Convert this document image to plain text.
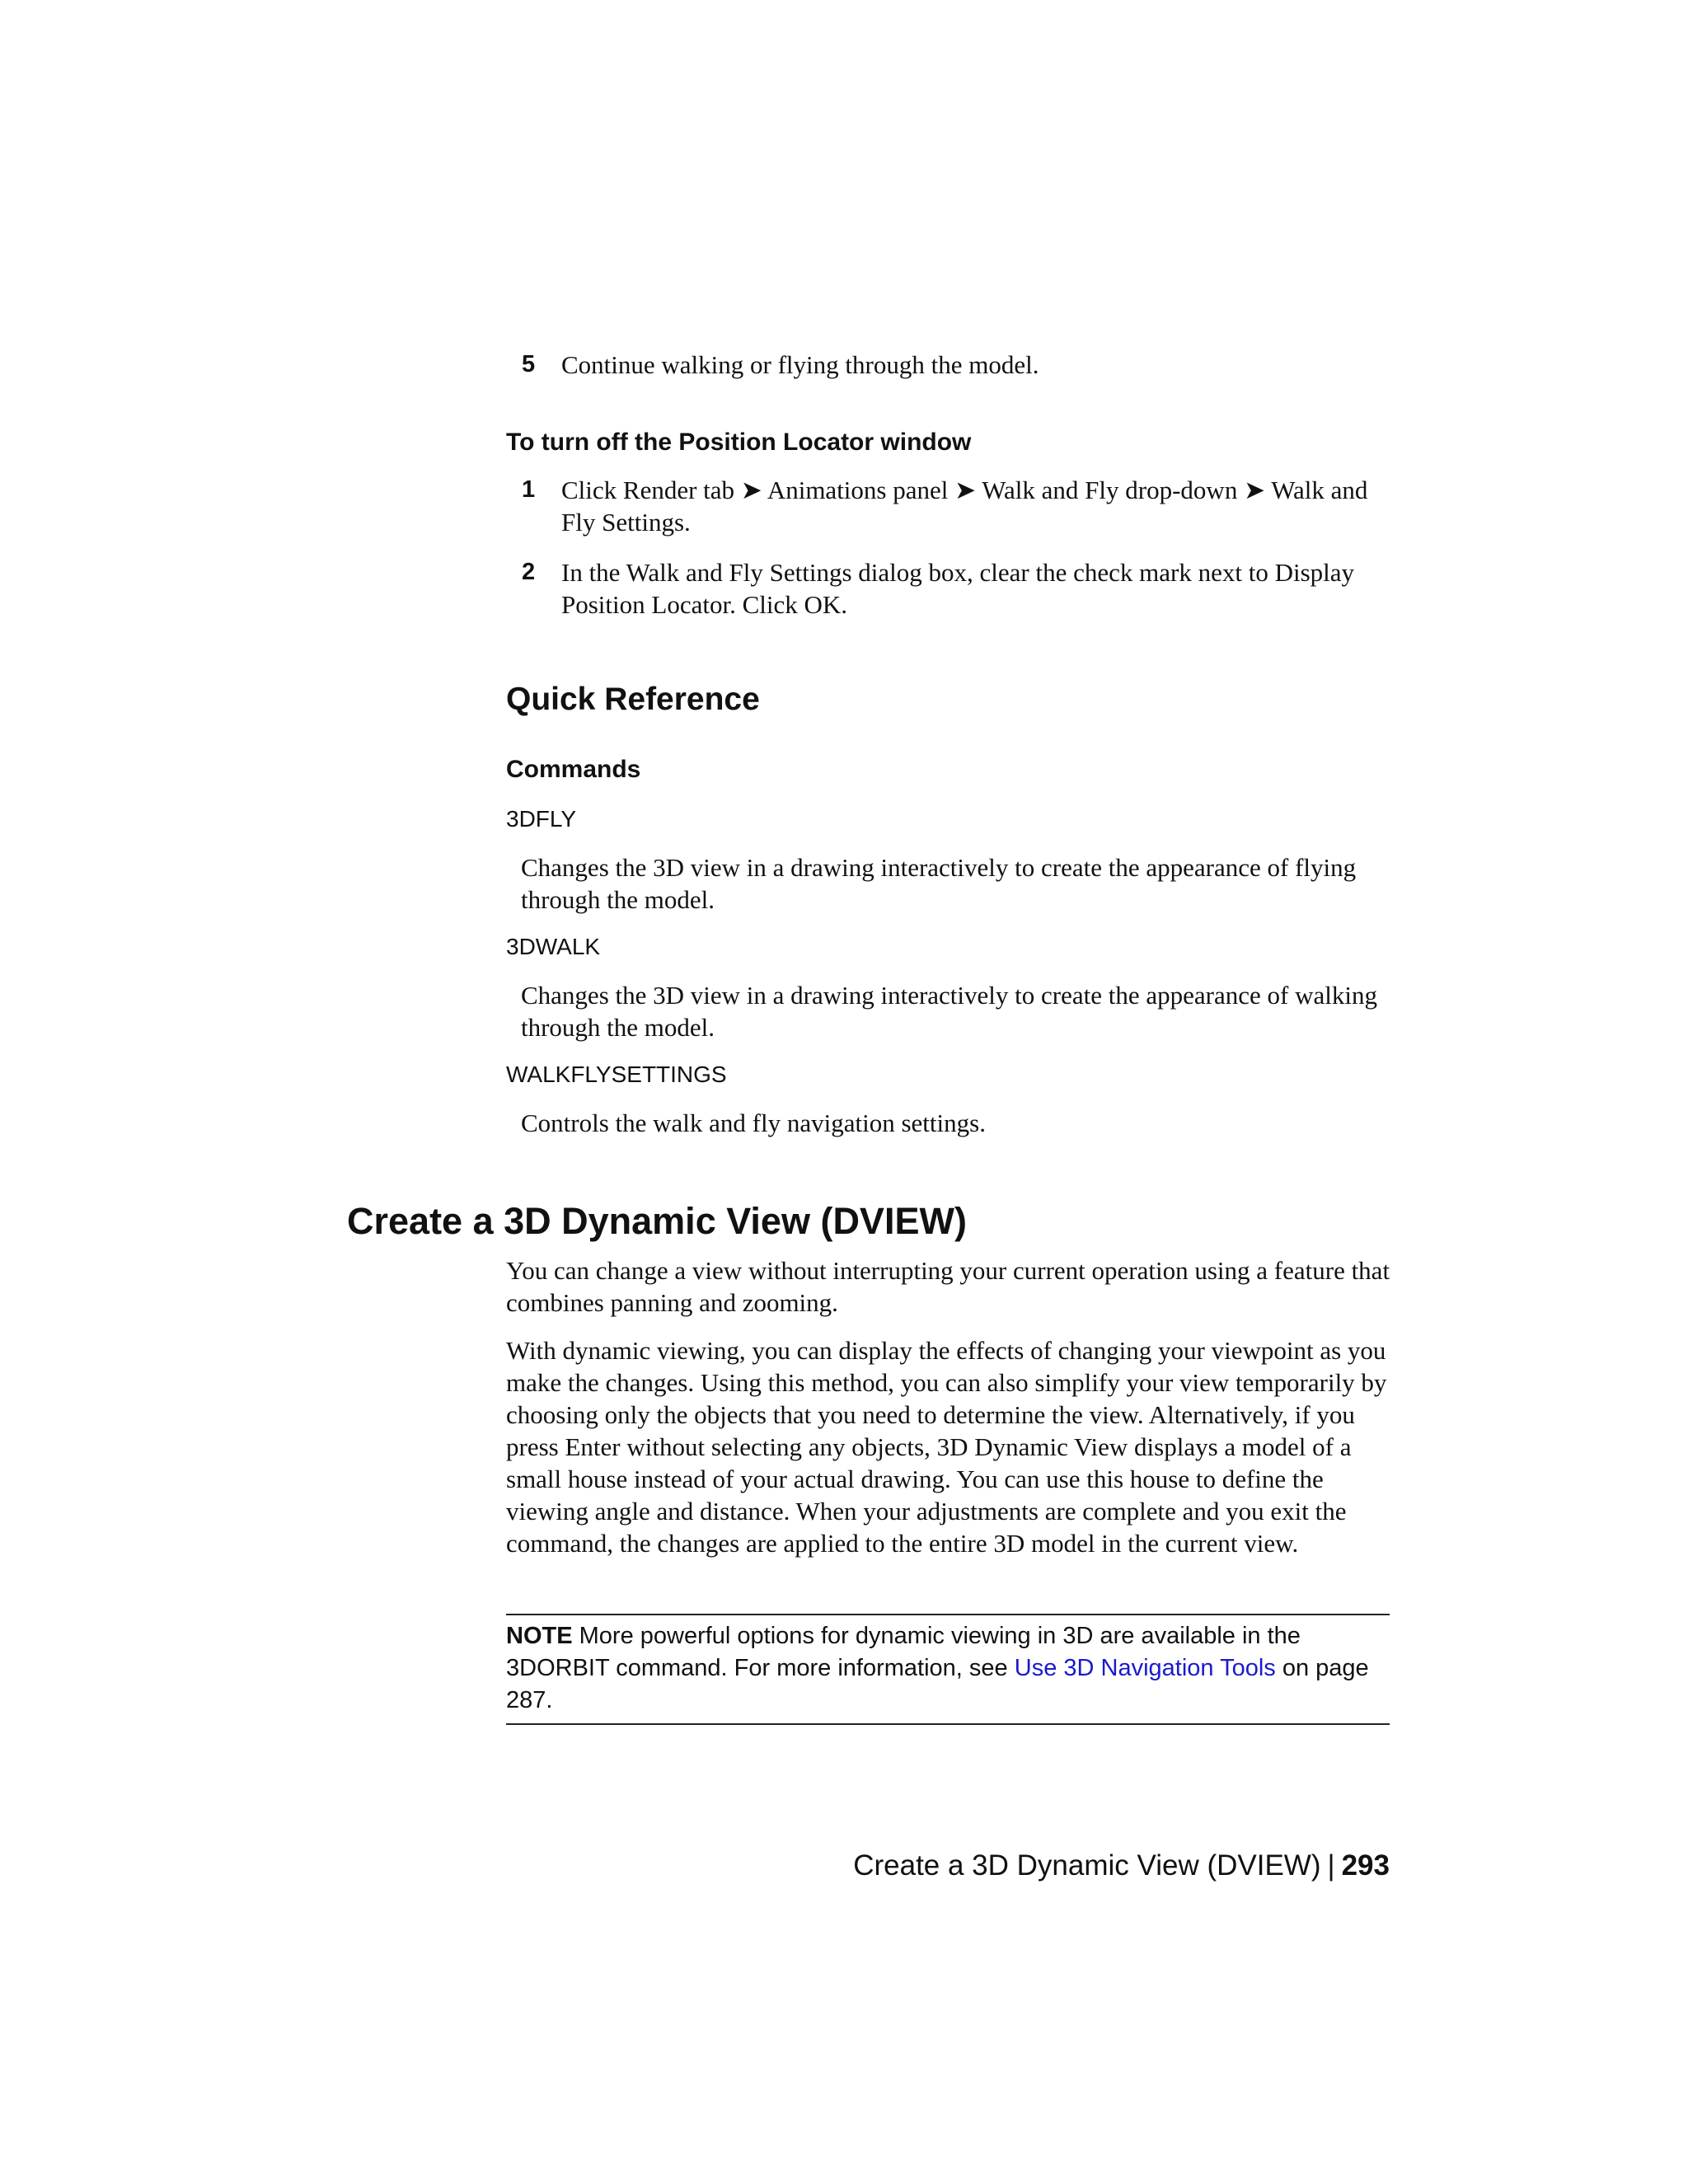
5 Continue walking or flying through the model.
To turn off the Position Locator window
1 Click Render tab ➤ Animations panel ➤ Walk and Fly drop-down ➤ Walk and Fly Settings.
2 In the Walk and Fly Settings dialog box, clear the check mark next to Display Position Locator. Click OK.
Quick Reference
Commands
3DFLY
Changes the 3D view in a drawing interactively to create the appearance of flying through the model.
3DWALK
Changes the 3D view in a drawing interactively to create the appearance of walking through the model.
WALKFLYSETTINGS
Controls the walk and fly navigation settings.
Create a 3D Dynamic View (DVIEW)
You can change a view without interrupting your current operation using a feature that combines panning and zooming.
With dynamic viewing, you can display the effects of changing your viewpoint as you make the changes. Using this method, you can also simplify your view temporarily by choosing only the objects that you need to determine the view. Alternatively, if you press Enter without selecting any objects, 3D Dynamic View displays a model of a small house instead of your actual drawing. You can use this house to define the viewing angle and distance. When your adjustments are complete and you exit the command, the changes are applied to the entire 3D model in the current view.
NOTE More powerful options for dynamic viewing in 3D are available in the 3DORBIT command. For more information, see Use 3D Navigation Tools on page 287.
Create a 3D Dynamic View (DVIEW) | 293
